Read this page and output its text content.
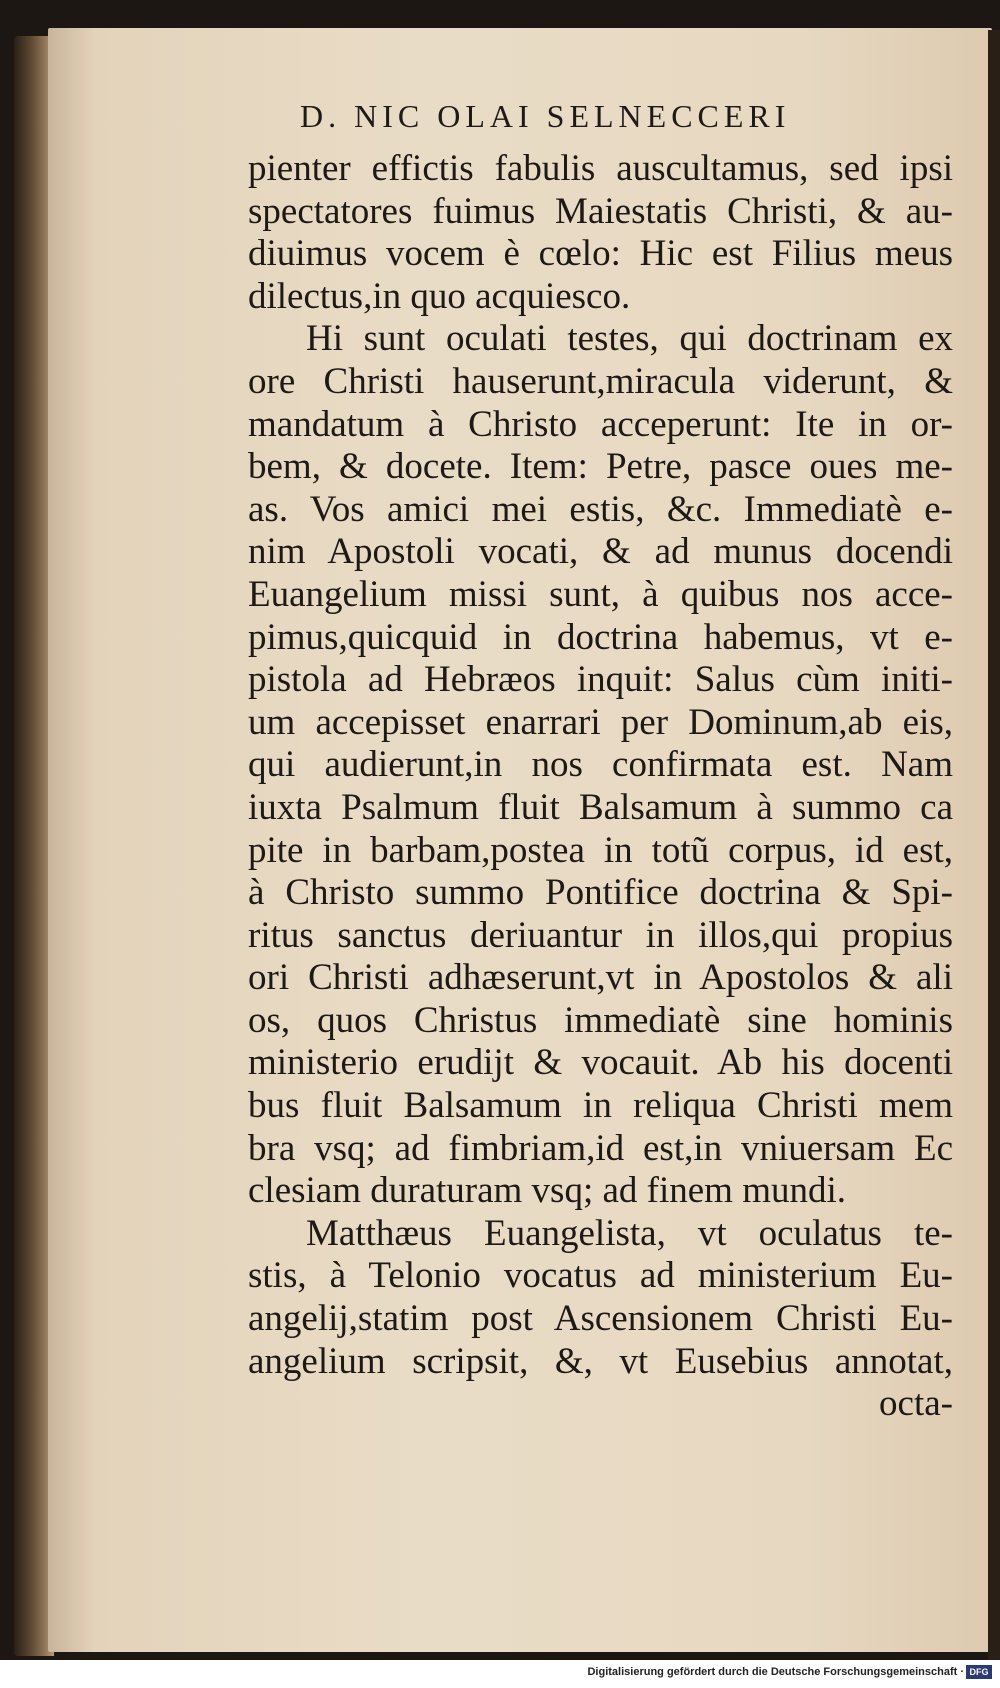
D. NIC OLAI SELNECCERI
pienter effictis fabulis auscultamus, sed ipsi
spectatores fuimus Maiestatis Christi, & au-
diuimus vocem è cœlo: Hic est Filius meus
dilectus,in quo acquiesco.
Hi sunt oculati testes, qui doctrinam ex
ore Christi hauserunt,miracula viderunt, &
mandatum à Christo acceperunt: Ite in or-
bem, & docete. Item: Petre, pasce oues me-
as. Vos amici mei estis, &c. Immediatè e-
nim Apostoli vocati, & ad munus docendi
Euangelium missi sunt, à quibus nos acce-
pimus,quicquid in doctrina habemus, vt e-
pistola ad Hebræos inquit: Salus cùm initi-
um accepisset enarrari per Dominum,ab eis,
qui audierunt,in nos confirmata est. Nam
iuxta Psalmum fluit Balsamum à summo ca
pite in barbam,postea in totũ corpus, id est,
à Christo summo Pontifice doctrina & Spi-
ritus sanctus deriuantur in illos,qui propius
ori Christi adhæserunt,vt in Apostolos & ali
os, quos Christus immediatè sine hominis
ministerio erudijt & vocauit. Ab his docenti
bus fluit Balsamum in reliqua Christi mem
bra vsq; ad fimbriam,id est,in vniuersam Ec
clesiam duraturam vsq; ad finem mundi.
Matthæus Euangelista, vt oculatus te-
stis, à Telonio vocatus ad ministerium Eu-
angelij,statim post Ascensionem Christi Eu-
angelium scripsit, &, vt Eusebius annotat,
octa-
Digitalisierung gefördert durch die Deutsche Forschungsgemeinschaft · DFG
